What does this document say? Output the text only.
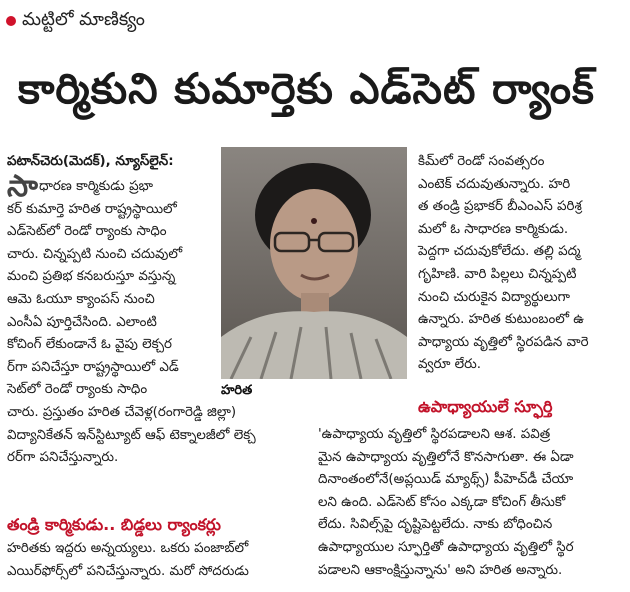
మట్టిలో మాణిక్యం
కార్మికుని కుమార్తెకు ఎడ్‌సెట్ ర్యాంక్

పటాన్‌చెరు(మెదక్), న్యూస్‌లైన్:

సాధారణ కార్మికుడు ప్రభా

కర్ కుమార్తె హరిత రాష్ట్రస్థాయిలో

ఎడ్‌సెట్‌లో రెండో ర్యాంకు సాధిం

చారు. చిన్నప్పటి నుంచి చదువులో

మంచి ప్రతిభ కనబరుస్తూ వస్తున్న

ఆమె ఓయూ క్యాంపస్ నుంచి

ఎంసీఏ పూర్తిచేసింది. ఎలాంటి

కోచింగ్ లేకుండానే ఓ వైపు లెక్చర

ర్‌గా పనిచేస్తూ రాష్ట్రస్థాయిలో ఎడ్

సెట్‌లో రెండో ర్యాంకు సాధిం

చారు. ప్రస్తుతం హరిత చేవెళ్ల(రంగారెడ్డి జిల్లా)

విద్యానికేతన్ ఇన్‌స్టిట్యూట్ ఆఫ్ టెక్నాలజీలో లెక్చ

రర్‌గా పనిచేస్తున్నారు.

హరిత

కిమ్‌లో రెండో సంవత్సరం

ఎంటెక్ చదువుతున్నారు. హరి

త తండ్రి ప్రభాకర్ బీఎంఎస్ పరిశ్ర

మలో ఓ సాధారణ కార్మికుడు.

పెద్దగా చదువుకోలేదు. తల్లి పద్మ

గృహిణి. వారి పిల్లలు చిన్నప్పటి

నుంచి చురుకైన విద్యార్థులుగా

ఉన్నారు. హరిత కుటుంబంలో ఉ

పాధ్యాయ వృత్తిలో స్థిరపడిన వారె

వ్వరూ లేరు.

తండ్రి కార్మికుడు.. బిడ్డలు ర్యాంకర్లు

హరితకు ఇద్దరు అన్నయ్యలు. ఒకరు పంజాబ్‌లో

ఎయిర్‌ఫోర్స్‌లో పనిచేస్తున్నారు. మరో సోదరుడు

ఉపాధ్యాయులే స్ఫూర్తి

'ఉపాధ్యాయ వృత్తిలో స్థిరపడాలని ఆశ. పవిత్ర

మైన ఉపాధ్యాయ వృత్తిలోనే కొనసాగుతా. ఈ ఏడా

దినాంతంలోనే(అప్లయిడ్ మ్యాథ్స్) పీహెచ్‌డీ చేయా

లని ఉంది. ఎడ్‌సెట్ కోసం ఎక్కడా కోచింగ్ తీసుకో

లేదు. సివిల్స్‌పై దృష్టిపెట్టలేదు. నాకు బోధించిన

ఉపాధ్యాయుల స్ఫూర్తితో ఉపాధ్యాయ వృత్తిలో స్థిర

పడాలని ఆకాంక్షిస్తున్నాను' అని హరిత అన్నారు.
